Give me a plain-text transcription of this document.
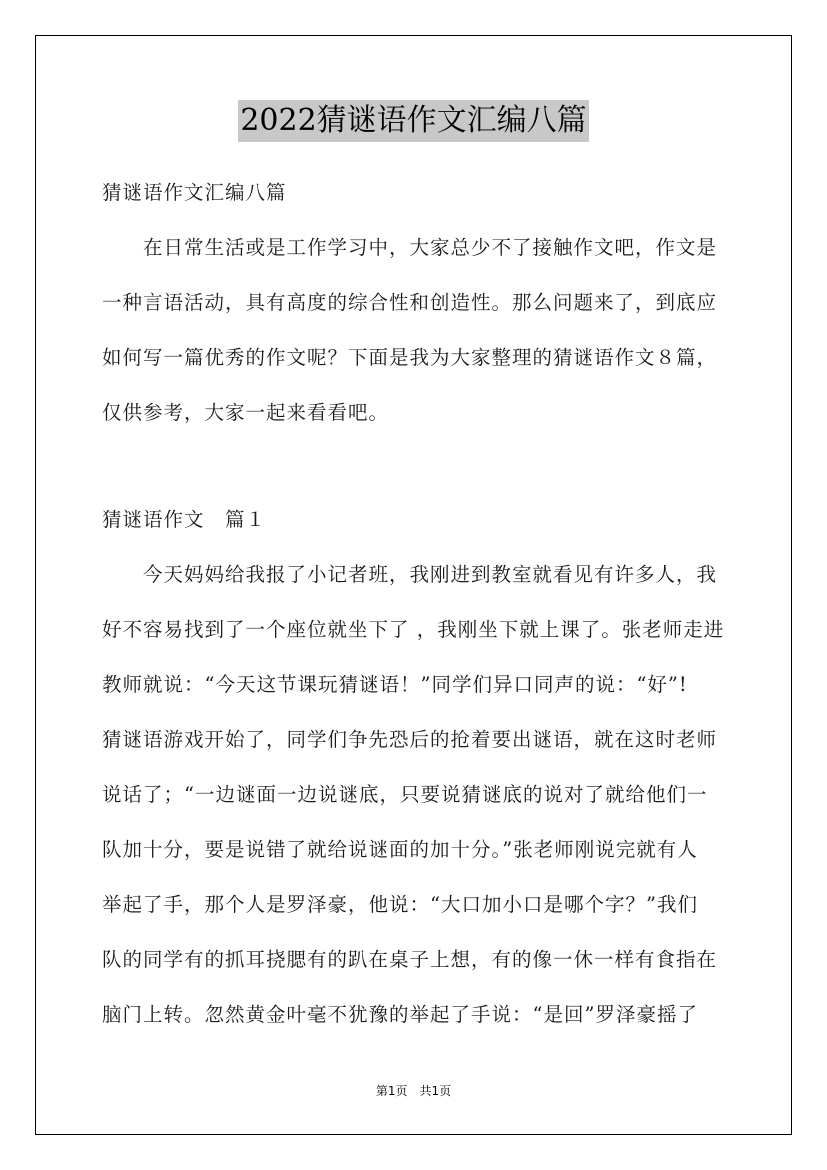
2022猜谜语作文汇编八篇
猜谜语作文汇编八篇
在日常生活或是工作学习中，大家总少不了接触作文吧，作文是
一种言语活动，具有高度的综合性和创造性。那么问题来了，到底应
如何写一篇优秀的作文呢？下面是我为大家整理的猜谜语作文８篇，
仅供参考，大家一起来看看吧。
猜谜语作文　篇１
今天妈妈给我报了小记者班，我刚进到教室就看见有许多人，我
好不容易找到了一个座位就坐下了 ，我刚坐下就上课了。张老师走进
教师就说：“今天这节课玩猜谜语！”同学们异口同声的说：“好”!
猜谜语游戏开始了，同学们争先恐后的抢着要出谜语，就在这时老师
说话了；“一边谜面一边说谜底，只要说猜谜底的说对了就给他们一
队加十分，要是说错了就给说谜面的加十分。”张老师刚说完就有人
举起了手，那个人是罗泽豪，他说：“大口加小口是哪个字？”我们
队的同学有的抓耳挠腮有的趴在桌子上想，有的像一休一样有食指在
脑门上转。忽然黄金叶毫不犹豫的举起了手说：“是回”罗泽豪摇了
第1页　共1页
